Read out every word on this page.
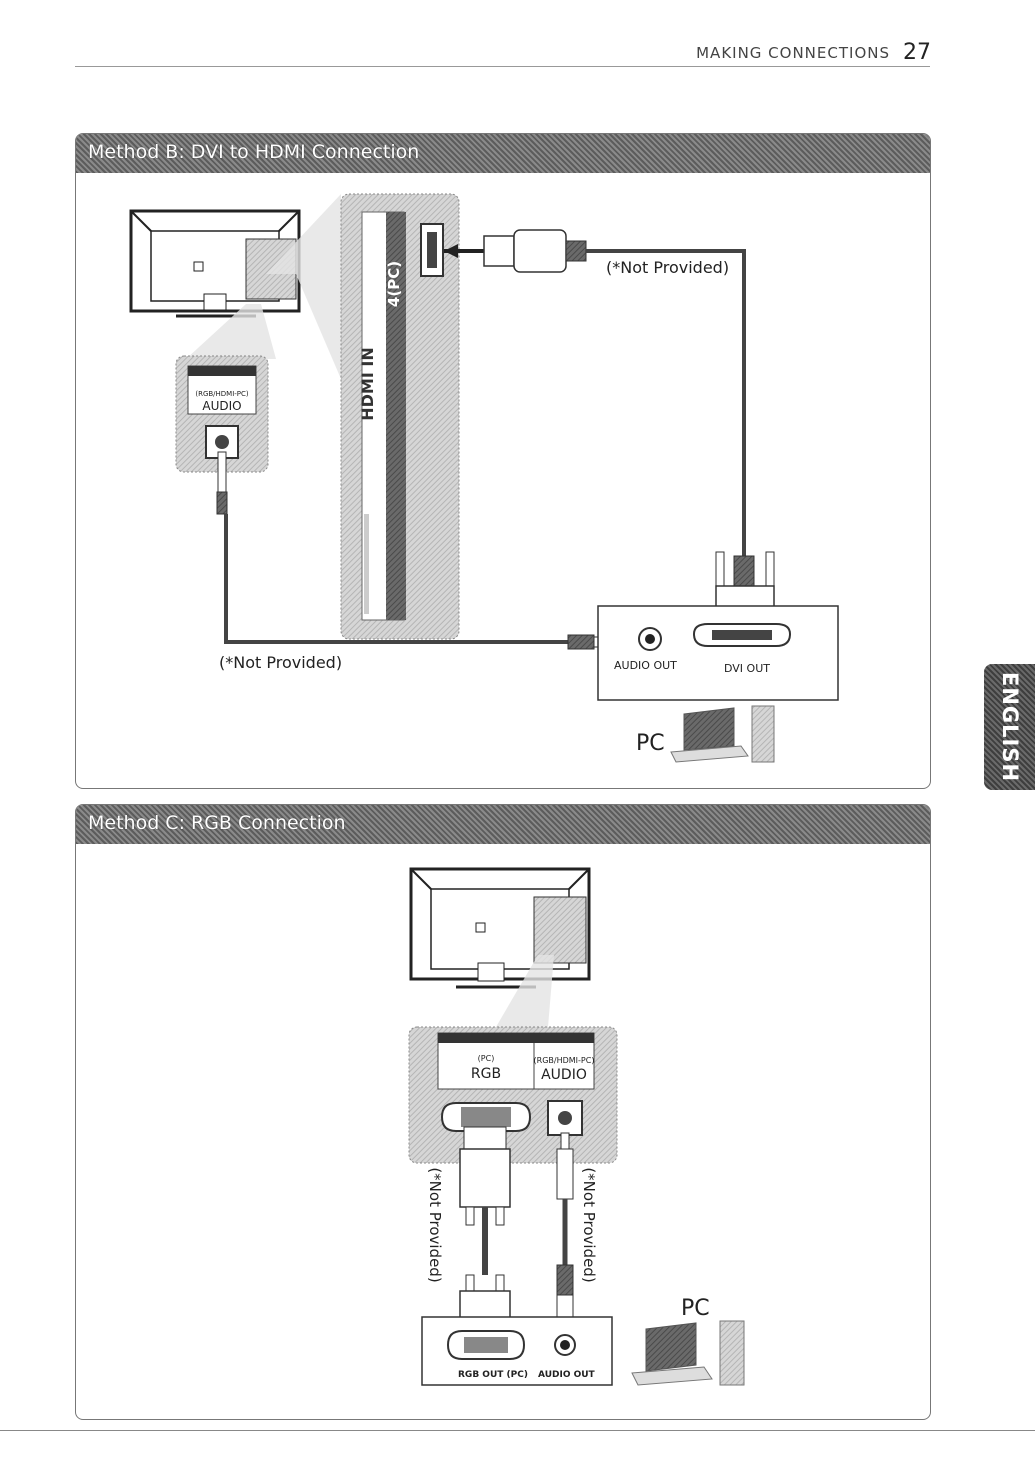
MAKING CONNECTIONS 27
Method B: DVI to HDMI Connection
(RGB/HDMI-PC)
AUDIO
(*Not Provided)
4(PC)
HDMI IN
(*Not Provided)
AUDIO OUT	DVI OUT
PC
Method C: RGB Connection
(PC)
RGB
(RGB/HDMI-PC)
AUDIO
(*Not Provided)	(*Not Provided)
RGB OUT (PC) AUDIO OUT
PC
ENGLISH
